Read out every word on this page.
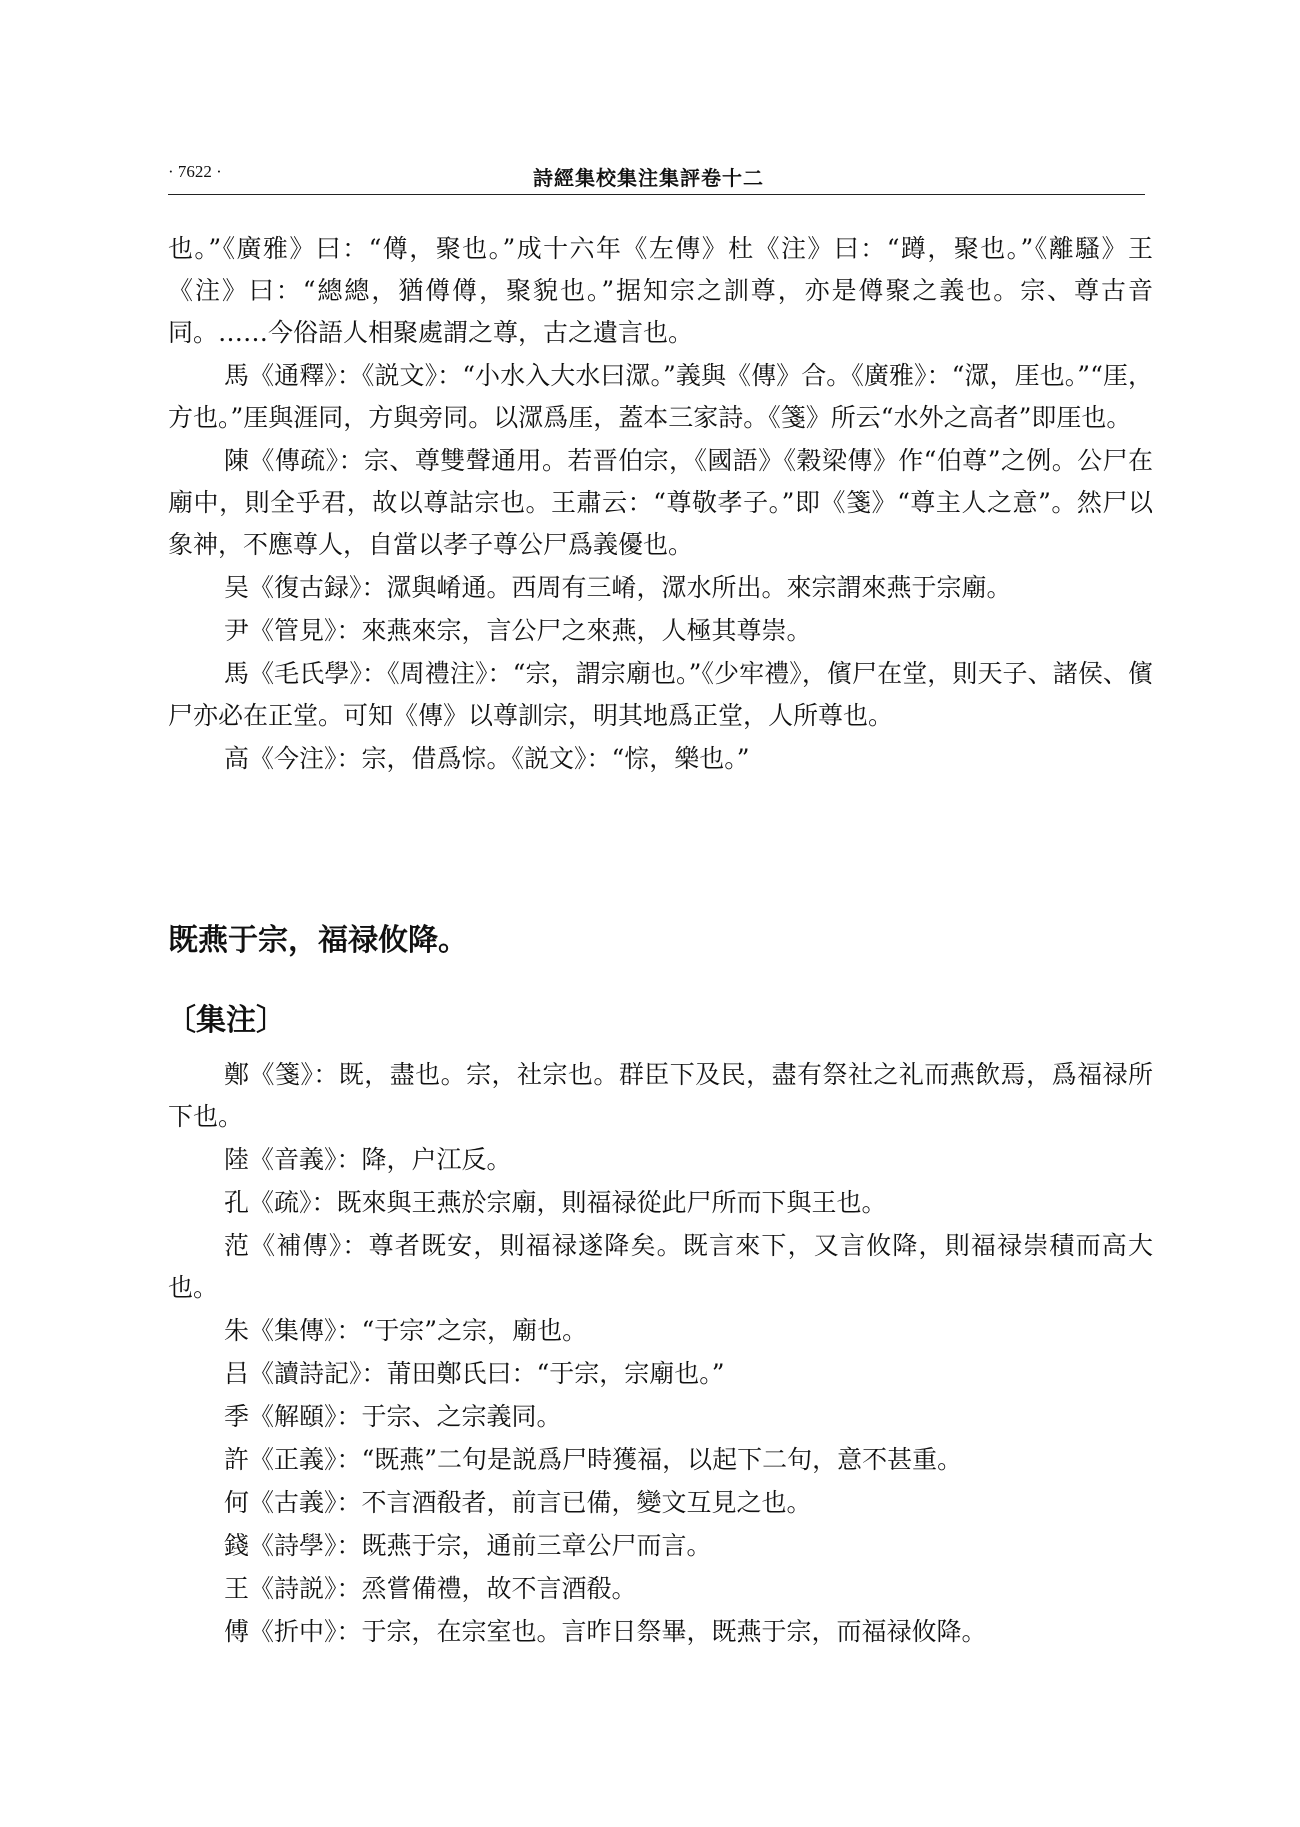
· 7622 ·	詩經集校集注集評卷十二

也。”《廣雅》曰：“僔，聚也。”成十六年《左傳》杜《注》曰：“蹲，聚也。”《離騷》王《注》曰：“總總，猶僔僔，聚貌也。”据知宗之訓尊，亦是僔聚之義也。宗、尊古音同。……今俗語人相聚處謂之尊，古之遺言也。

馬《通釋》：《説文》：“小水入大水曰潀。”義與《傳》合。《廣雅》：“潀，厓也。”“厓，方也。”厓與涯同，方與旁同。以潀爲厓，蓋本三家詩。《箋》所云“水外之高者”即厓也。

陳《傳疏》：宗、尊雙聲通用。若晋伯宗，《國語》《穀梁傳》作“伯尊”之例。公尸在廟中，則全乎君，故以尊詁宗也。王肅云：“尊敬孝子。”即《箋》“尊主人之意”。然尸以象神，不應尊人，自當以孝子尊公尸爲義優也。

吴《復古録》：潀與崤通。西周有三崤，潀水所出。來宗謂來燕于宗廟。

尹《管見》：來燕來宗，言公尸之來燕，人極其尊崇。

馬《毛氏學》：《周禮注》：“宗，謂宗廟也。”《少牢禮》，儐尸在堂，則天子、諸侯、儐尸亦必在正堂。可知《傳》以尊訓宗，明其地爲正堂，人所尊也。

高《今注》：宗，借爲悰。《説文》：“悰，樂也。”

既燕于宗，福禄攸降。
〔集注〕

鄭《箋》：既，盡也。宗，社宗也。群臣下及民，盡有祭社之礼而燕飲焉，爲福禄所下也。

陸《音義》：降，户江反。

孔《疏》：既來與王燕於宗廟，則福禄從此尸所而下與王也。

范《補傳》：尊者既安，則福禄遂降矣。既言來下，又言攸降，則福禄崇積而高大也。

朱《集傳》：“于宗”之宗，廟也。

吕《讀詩記》：莆田鄭氏曰：“于宗，宗廟也。”

季《解頤》：于宗、之宗義同。

許《正義》：“既燕”二句是説爲尸時獲福，以起下二句，意不甚重。

何《古義》：不言酒殽者，前言已備，變文互見之也。

錢《詩學》：既燕于宗，通前三章公尸而言。

王《詩説》：烝嘗備禮，故不言酒殽。

傅《折中》：于宗，在宗室也。言昨日祭畢，既燕于宗，而福禄攸降。
